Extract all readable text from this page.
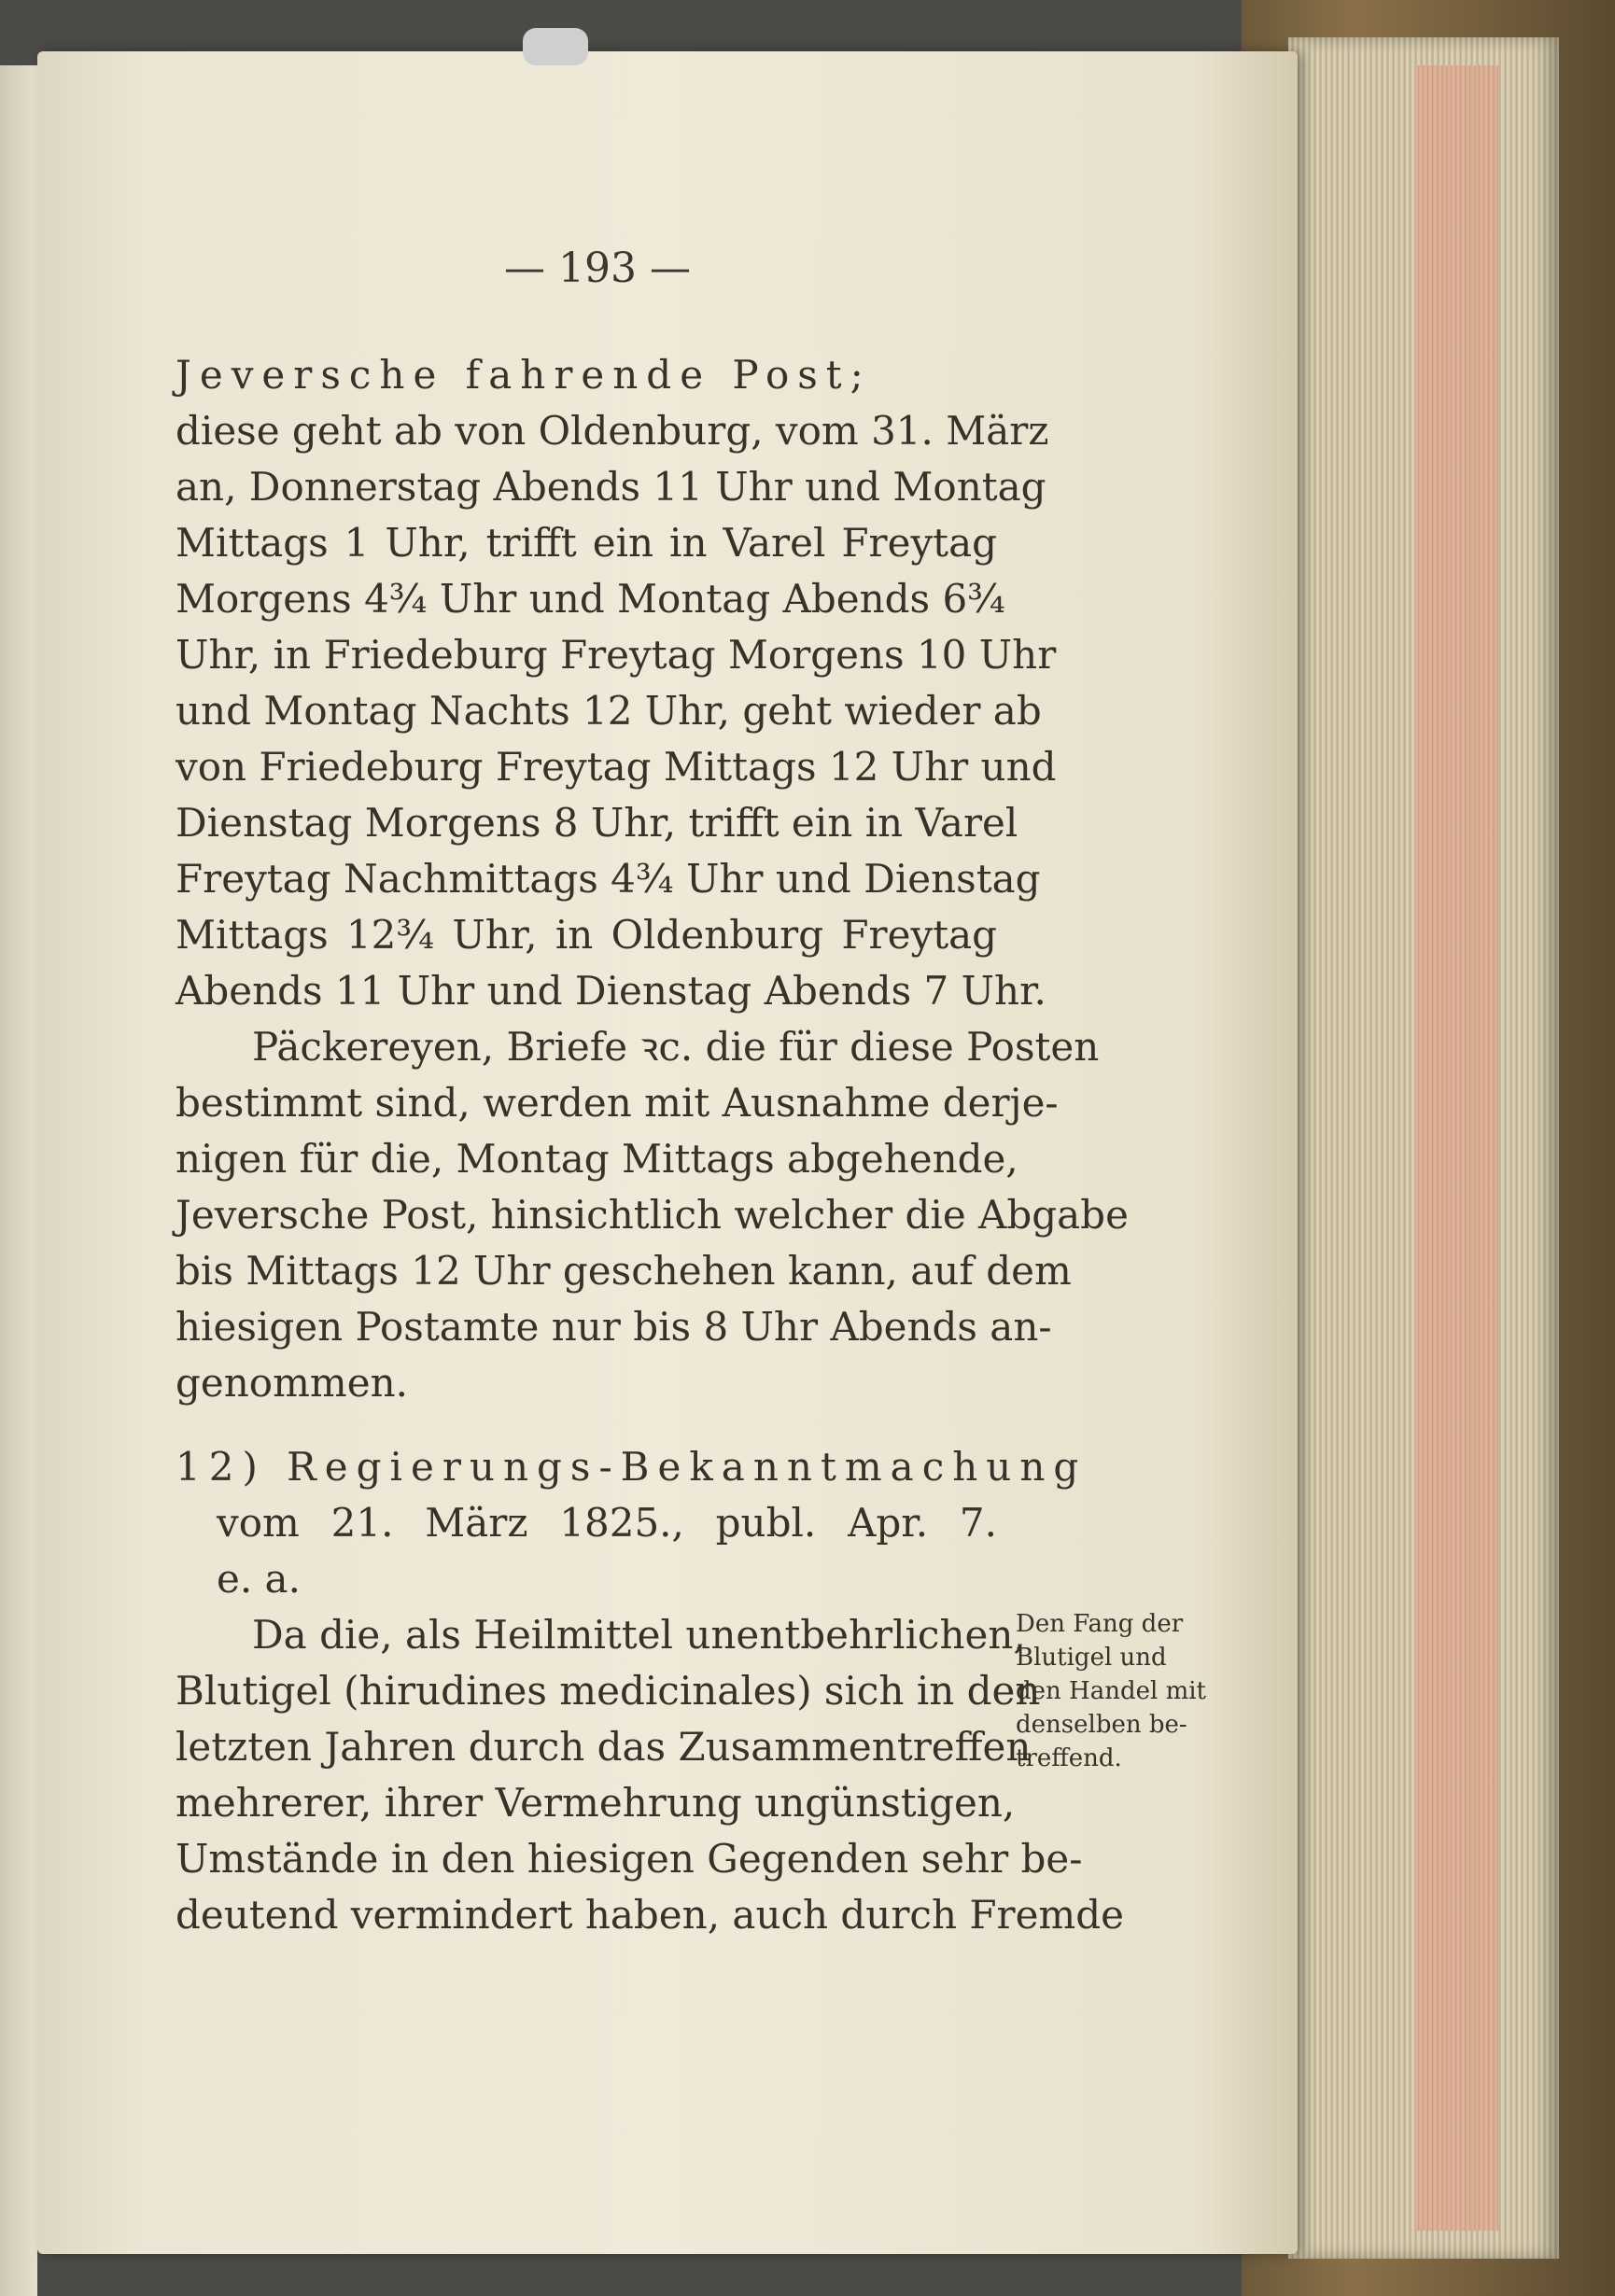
— 193 —
Jeversche fahrende Post;
diese geht ab von Oldenburg, vom 31. März
an, Donnerstag Abends 11 Uhr und Montag
Mittags 1 Uhr, trifft ein in Varel Freytag
Morgens 4¾ Uhr und Montag Abends 6¾
Uhr, in Friedeburg Freytag Morgens 10 Uhr
und Montag Nachts 12 Uhr, geht wieder ab
von Friedeburg Freytag Mittags 12 Uhr und
Dienstag Morgens 8 Uhr, trifft ein in Varel
Freytag Nachmittags 4¾ Uhr und Dienstag
Mittags 12¾ Uhr, in Oldenburg Freytag
Abends 11 Uhr und Dienstag Abends 7 Uhr.
Päckereyen, Briefe ꝛc. die für diese Posten
bestimmt sind, werden mit Ausnahme derje-
nigen für die, Montag Mittags abgehende,
Jeversche Post, hinsichtlich welcher die Abgabe
bis Mittags 12 Uhr geschehen kann, auf dem
hiesigen Postamte nur bis 8 Uhr Abends an-
genommen.
12) Regierungs-Bekanntmachung
vom 21. März 1825., publ. Apr. 7.
e. a.
Da die, als Heilmittel unentbehrlichen,
Blutigel (hirudines medicinales) sich in den
letzten Jahren durch das Zusammentreffen
mehrerer, ihrer Vermehrung ungünstigen,
Umstände in den hiesigen Gegenden sehr be-
deutend vermindert haben, auch durch Fremde
Den Fang der
Blutigel und
den Handel mit
denselben be-
treffend.
